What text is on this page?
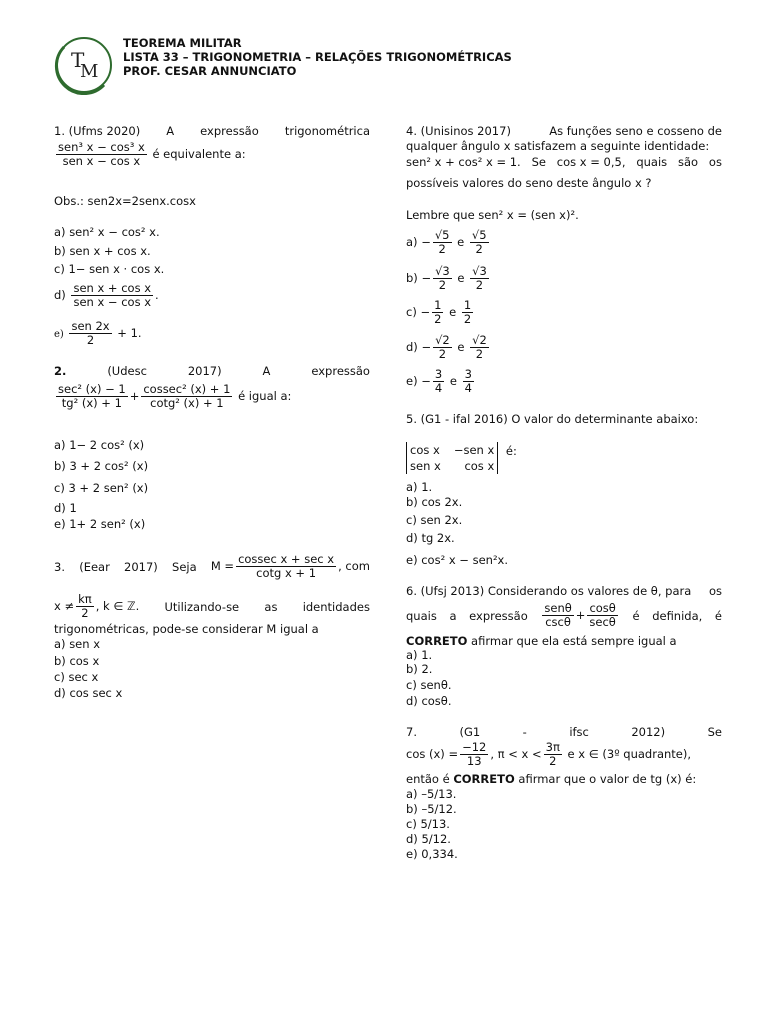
T
M
TEOREMA MILITAR
LISTA 33 – TRIGONOMETRIA – RELAÇÕES TRIGONOMÉTRICAS
PROF. CESAR ANNUNCIATO
1. (Ufms 2020) A expressão trigonométrica
$\frac{\text{sen³ x − cos³ x}}{\text{sen x − cos x}}$ é equivalente a:
Obs.: sen2x=2senx.cosx
a) sen² x − cos² x.
b) sen x + cos x.
c) 1− sen x · cos x.
$d) \frac{\text{sen x + cos x}}{\text{sen x − cos x}}$ .
$e) \frac{\text{sen 2x}}{2} + 1$.
2.	(Udesc	2017)	A	expressão
$\frac{\text{sec² (x) − 1}}{\text{tg² (x) + 1}} + \frac{\text{cossec² (x) + 1}}{\text{cotg² (x) + 1}}$ é igual a:
a) 1− 2 cos² (x)
b) 3 + 2 cos² (x)
c) 3 + 2 sen² (x)
d) 1
e) 1+ 2 sen² (x)
3. (Eear 2017) Seja $M = \frac{\text{cossec x + sec x}}{\text{cotg x + 1}}$ , com
$x \ne \frac{k\pi}{2}$ , k ∈ ℤ. Utilizando-se as identidades
trigonométricas, pode-se considerar M igual a
a) sen x
b) cos x
c) sec x
d) cos sec x
4. (Unisinos 2017)	As funções seno e cosseno de
qualquer ângulo x satisfazem a seguinte identidade:
sen² x + cos² x = 1. Se cos x = 0,5, quais são os
possíveis valores do seno deste ângulo x ?
Lembre que sen² x = (sen x)².
$a) - \frac{√5}{2}$ e $\frac{√5}{2}$
$b) - \frac{√3}{2}$ e $\frac{√3}{2}$
$c) - \frac{1}{2}$ e $\frac{1}{2}$
$d) - \frac{√2}{2}$ e $\frac{√2}{2}$
$e) - \frac{3}{4}$ e $\frac{3}{4}$
5. (G1 - ifal 2016) O valor do determinante abaixo:
cos x −sen x
sen x cos x
é:
a) 1.
b) cos 2x.
c) sen 2x.
d) tg 2x.
e) cos² x − sen²x.
6. (Ufsj 2013) Considerando os valores de θ, para os
quais a expressão $\frac{\text{senθ}}{\csc\theta} + \frac{\cos\theta}{\sec\theta}$ é definida, é
CORRETO afirmar que ela está sempre igual a
a) 1.
b) 2.
c) senθ.
d) cosθ.
7.	(G1	-	ifsc	2012)	Se
$\cos (x) = \frac{-12}{13}$ , $\pi < x < \frac{3\pi}{2}$ e x ∈ (3º quadrante),
então é CORRETO afirmar que o valor de tg (x) é:
a) –5/13.
b) –5/12.
c) 5/13.
d) 5/12.
e) 0,334.
